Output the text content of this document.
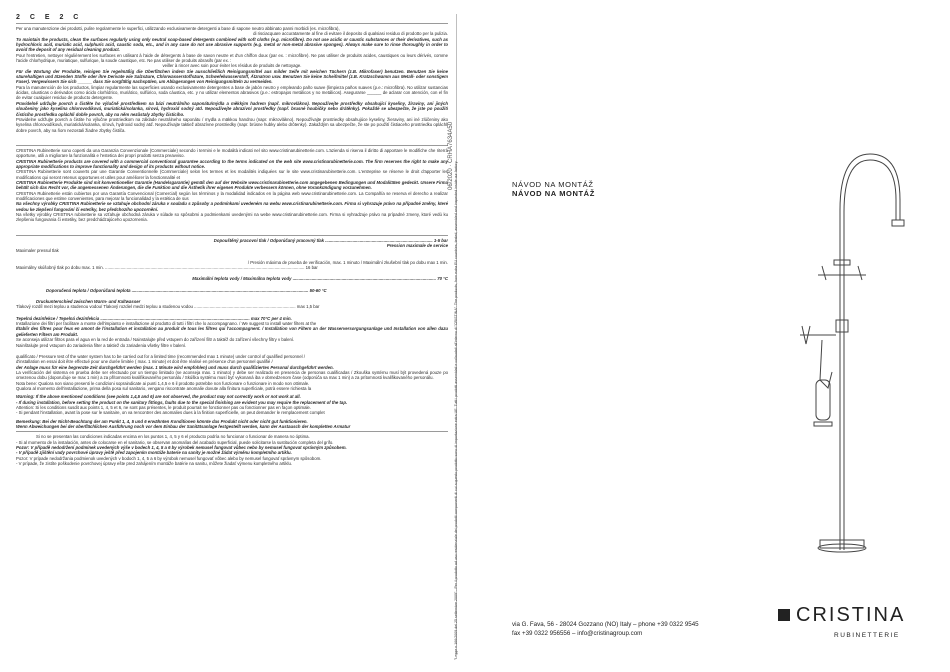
2 C E 2 C

Per una manutenzione dei prodotti, pulire regolarmente le superfici, utilizzando esclusivamente detergenti a base di sapone neutro abbinato panni morbidi (es. microfibra),

di risciacquare accuratamente al fine di evitare il deposito di qualsiasi residuo di prodotto per la pulizia.

To maintain the products, clean the surfaces regularly using only neutral soap-based detergents combined with soft cloths (e.g. microfibre). Do not use acidic or caustic substances or their derivatives, such as hydrochloric acid, muriatic acid, sulphuric acid, caustic soda, etc., and in any case do not use abrasive supports (e.g. metal or non-metal abrasive sponges). Always make sure to rinse thoroughly in order to avoid the deposit of any residual cleaning product.

Pour l'entretien, nettoyer régulièrement les surfaces en utilisant à l'aide de détergents à base de savon neutre et d'un chiffon doux (par ex. : microfibre). Ne pas utiliser de produits acides, caustiques ou leurs dérivés, comme l'acide chlorhydrique, muriatique, sulfurique, la soude caustique, etc. Ne pas utiliser de produits abrasifs (par ex. :

veiller à rincer avec soin pour éviter les résidus de produits de nettoyage.

Für die Wartung der Produkte, reinigen Sie regelmäßig die Oberflächen indem Sie ausschließlich Reinigungsmittel aus milder Seife mit weichen Tüchern (z.B. Mikrofaser) benutzen. Benutzen Sie keine säurehaltigen und ätzenden Stoffe oder ihre Derivate wie Salzsäure, Chlorwasserstoffsäure, Schwefelwasserstoff, Ätznatron usw. Benutzen Sie keine Scheifmittel (z.B. Kratzschwamm aus Metall- oder sonstigem Faser). Vergewissern Sie sich ______ dass Sie sorgfältig nachspülen, um Ablagerungen von Reinigungsmitteln zu vermeiden.

Para la manutención de los productos, limpiar regularmente las superficies usando exclusivamente detergentes a base de jabón neutro y empleando paño suave (limpieza paños suaves (p.e.: microfibra). No utilizar sustancias ácidas, cáusticas o derivados como ácido clorhídrico, muriático, sulfúrico, soda cáustica, etc. y no utilizar elementos abrasivos (p.e.: estropajos metálicos y no metálicos). Asegurarse ______ de aclarar con atención, con el fin de evitar cualquier residuo de producto detergente.

Pravidelně udržujte povrch a čistěte ho výlučně prostředkem na bázi neutrálního saponátu/mýdla a měkkým hadrem (např. mikrovlákno). Nepoužívejte prostředky obsahující kyseliny, žíraviny, ani jiných sloučeniny jako kyselina chlorovodíková, muriatická/solanka, sírová, hydroxid sodný atd. Nepoužívejte abrazivní prostředky (např. brusné houbičky nebo drátěnky). Pokaždé se ubezpečte, že jste po použití čisticího prostředku opláchli dobře povrch, aby na něm nezůstaly zbytky čisticího.

Pravidelne udržujte povrch a čistite ho výlučne prostriedkom na základe neutrálneho saponátu / mydla a mäkkou handrou (napr. mikrovlákno). Nepoužívajte prostriedky obsahujúce kyseliny, žieraviny, ani iné zlúčeniny ako kyselina chlorovodíková, muriatická/solanka, sírová, hydroxid sodný atď. Nepoužívajte taktiež abrazívne prostriedky (napr. brúsne hubky alebo drôtenky). Zakaždým sa ubezpečte, že ste po použití čistiaceho prostriedku opláchli dobre povrch, aby na ňom nezostali žiadne zbytky čističa.

CRISTINA Rubinetterie sono coperti da una Garanzia Convenzionale (Commerciale) secondo i termini e le modalità indicati nel sito www.cristinarubinetterie.com. L'azienda si riserva il diritto di apportare le modifiche che riterrà opportune, utili a migliorare la funzionalità e l'estetica dei propri prodotti senza preavviso.

CRISTINA Rubinetterie products are covered with a commercial conventional guarantee according to the terms indicated on the web site www.cristinarubinetterie.com. The firm reserves the right to make any appropriate modifications to improve functionality and design of its products without notice.

CRISTINA Rubinetterie sont couverts par une Garantie Conventionnelle (Commerciale) selon les termes et les modalités indiquées sur le site www.cristinarubinetterie.com. L'entreprise se réserve le droit d'apporter les modifications qui seront retenus opportunes et utiles pour améliorer la fonctionnalité et

CRISTINA Rubinetterie Produkte sind mit konventioneller Garantie (Handelsgarantie) gemäß den auf der Website www.cristinarubinetterie.com angegebenen Bedingungen und Modalitäten gedeckt. Unsere Firma behält sich das Recht vor, die angemessenen Änderungen, die die Funktion und die Ästhetik ihrer eigenen Produkte verbessern können, ohne Vorankündigung vorzunehmen.

CRISTINA Rubinetterie están cubiertos por una Garantía Convencional (Comercial) según los términos y la modalidad indicados en la página web www.cristinarubinetterie.com. La Compañía se reserva el derecho a realizar modificaciones que estime convenientes, para mejorar la funcionalidad y la estética de sus

Na všechny výrobky CRISTINA Rubinetterie se vztahuje obchodní záruka v souladu s způsoby a podmínkami uvedeném na webu www.cristinarubinetterie.com. Firma si vyhrazuje právo na případné změny, které vedou ke zlepšení fungování či estetiky, bez předchozího upozornění.

Na všetky výrobky CRISTINA rubinetterie sa vzťahuje obchodná záruka v súlade so spôsobmi a podmienkami uvedenými na webe www.cristinarubinetterie.com. Firma si vyhradzuje právo na prípadné zmeny, ktoré vedú ku zlepšeniu fungovania či estetiky, bez predchádzajúceho upozornenia.

Dopouštěný pracovní tlak / Odporúčaný pracovný tlak .......................................................................................... 1-5 bar

Pression maximale de service

Maximaler pressul tlak

/ Presión máxima de prueba de verificación, max. 1 minuto / Maximální zkušební tlak po dobu max 1 min.

Maximálny skúšobný tlak po dobu max. 1 min. ....................................................................................................................................................................... 16 bar

Maximální teplota vody / Maximálna teplota vody ........................................................................................................................ 70 °C

Doporučená teplota / Odporúčaná teplota .................................................................................................................................................... 50-60 °C

Druckunterschied zwischen Warm- und Kaltwasser

Tlakový rozdíl mezi teplou a studenou vodou/ Tlakový rozdiel medzi teplou a studenou vodou ..................................................................................... max 1,5 bar

Tepelná dezinfekce / Tepelná dezinfekcia ............................................................................................................................. max 70°C per 4 min.

Installazione dei filtri per facilitare a monte dell'impianto e installazione al prodotto di tutti i filtri che lo accompagnano. / We suggest to install water filters at the

Établir des filtres pour feux en amont de l'installation et installation au produit de tous les filtres qui l'accompagnent. / Installation von Filtern an der Wasserversorgungsanlage und Installation von allen dazu gelieferten Filtern am Produkt.

Se aconseja utilizar filtros para el agua en la red de entrada / Nainstalujte před vstupem do zařízení filtr a taktéž do zařízení všechny filtry v balení.

Nainštalujte pred vstupom do zariadenia filter a taktiež do zariadenia všetky filtre v balení.

qualificato / Pressure test of the water system has to be carried out for a limited time (recommended max 1 minute) under control of qualified personnel /

d'installation en essai doit être effectué pour une durée limitée ( max. 1 minute) et doit être réalisé en présence d'un personnel qualifié /

der Anlage muss für eine begrenzte Zeit durchgeführt werden (max. 1 Minute wird empfohlen) und muss durch qualifiziertes Personal durchgeführt werden.

La verificación del sistema en prueba debe ser efectuado por un tiempo limitado (se aconseja max. 1 minuto) y debe ser realizado en presencia de personas cualificadas / Zkouška systému musí být provedená pouze po omezenou dobu (doporučuje se max 1 min) a za přítomnosti kvalifikovaného personálu / Skúška systému musí byť vykonaná iba v obmedzenom čase (odporúča sa max 1 min) a za prítomnosti kvalifikovaného personálu.

Nota bene: Qualora non siano presenti le condizioni sopraindicate ai punti 1,4,5 e 6 il prodotto potrebbe non funzionare o funzionare in modo non ottimale.

Qualora al momento dell'installazione, prima della posa sul sanitario, vengano riscontrate anomalie dovute alla finitura superficiale, potrà essere richiesta la

Warning: If the above mentioned conditions (see points 1,4,5 and 6) are not observed, the product may not correctly work or not work at all.

- If during installation, before setting the product on the sanitary fittings, faults due to the special finishing are evident you may require the replacement of the tap.

Attention: Si les conditions susdit aux points 1, 4, 5 et 6, ne sont pas présentes, le produit pourrait ne fonctionner pas ou fonctionner pas en façon optimale.

- Si pendant l'installation, avant la pose sur le sanitaire, on va rencontrer des anomalies dues à la finition superficielle, on peut demander le remplacement complet

Bemerkung: Bei der Nicht-Beachtung der am Punkt 1, 4, 5 und 6 erwähnten Konditionen könnte das Produkt nicht oder nicht gut funktionieren.

Wenn Abweichungen bei der oberflächlichen Ausführung noch vor dem Einbau der Sanitätsanlage festgestellt werden, kann der Austausch der kompletten Armatur

Si no se presentan las condiciones indicadas encima en los puntos 1, 4, 5 y 6 el producto podría no funcionar o funcionar de manera no óptima.

- Si al momento de la instalación, antes de colocarse en el sanitario, se observan anomalías del acabado superficial, puede solicitarse la sustitución completa del grifo.

Pozor: V případě nedodržení podmínek uvedených výše v bodech 1, 4, 5 a 6 by výrobek nemusel fungovat vůbec nebo by nemusel fungovat správným způsobem.

- V případě zjištění vady povrchové úpravy ještě před zapojením montáže baterie na sanity je možné žádat výměnu kompletního artiklu.

Pozor: V prípade nedodržania podmienok uvedených v bodoch 1, 4, 5 a 6 by výrobok nemusel fungovať vôbec alebo by nemusel fungovať správnym spôsobom.

- V prípade, že zistíte poškodenie povrchovej úpravy ešte pred zahájením montáže batérie na sanitu, môžete žiadať výmenu kompletného artiklu.

06/2020 · CRHA7634A50
"Legge n.166/2009 del 25 settembre 2009" - Per il prodotto ad uso residenziale dei prodotti componenti di cui a questo prodotto sono di importazione extra UE. Tutti i prodotti assemblati e collaudati all'interno di "CRISTINA". The products, from extra EU countries, tested, assembled and inspected inside our factory.	NÁVOD NA MONTÁŽ
NÁVOD NA MONTÁŽ
CRISTINA
RUBINETTERIE
via G. Fava, 56 - 28024 Gozzano (NO) Italy – phone +39 0322 9545
fax +39 0322 956556 – info@cristinagroup.com
